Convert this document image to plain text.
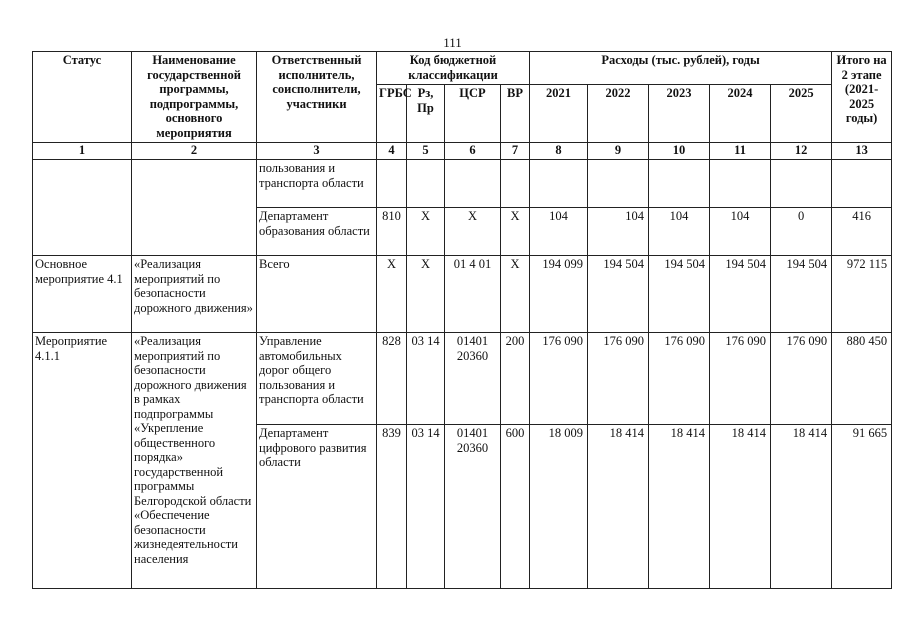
111
Статус	Наименование государственной программы, подпрограммы, основного мероприятия	Ответственный исполнитель, соисполнители, участники	Код бюджетной классификации				Расходы (тыс. рублей), годы					Итого на 2 этапе (2021-2025 годы)
			ГРБС	Рз, Пр	ЦСР	ВР	2021	2022	2023	2024	2025	
1	2	3	4	5	6	7	8	9	10	11	12	13
		пользования и транспорта области										
		Департамент образования области	810	Х	Х	Х	104	104	104	104	0	416
Основное мероприятие 4.1	«Реализация мероприятий по безопасности дорожного движения»	Всего	Х	Х	01 4 01	Х	194 099	194 504	194 504	194 504	194 504	972 115
Мероприятие 4.1.1	«Реализация мероприятий по безопасности дорожного движения в рамках подпрограммы «Укрепление общественного порядка» государственной программы Белгородской области «Обеспечение безопасности жизнедеятельности населения	Управление автомобильных дорог общего пользования и транспорта области	828	03 14	01401 20360	200	176 090	176 090	176 090	176 090	176 090	880 450
		Департамент цифрового развития области	839	03 14	01401 20360	600	18 009	18 414	18 414	18 414	18 414	91 665
